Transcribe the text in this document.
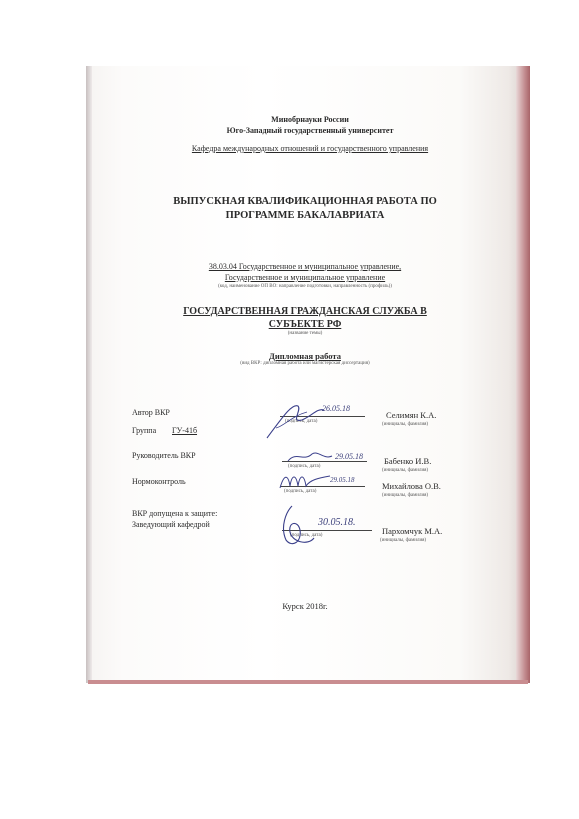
Минобрнауки России
Юго-Западный государственный университет
Кафедра международных отношений и государственного управления
ВЫПУСКНАЯ КВАЛИФИКАЦИОННАЯ РАБОТА ПО
ПРОГРАММЕ БАКАЛАВРИАТА
38.03.04 Государственное и муниципальное управление,
Государственное и муниципальное управление
(код, наименование ОП ВО: направление подготовки, направленность (профиль))
ГОСУДАРСТВЕННАЯ ГРАЖДАНСКАЯ СЛУЖБА В
СУБЪЕКТЕ РФ
(название темы)
Дипломная работа
(вид ВКР: дипломная работа или магистерская диссертация)
Автор ВКР
(подпись, дата)
26.05.18
Селимян К.А.
(инициалы, фамилия)
Группа ГУ-41б
Руководитель ВКР
(подпись, дата)
29.05.18 Бабенко И.В.
(инициалы, фамилия)
Нормоконтроль
(подпись, дата)
29.05.18
Михайлова О.В.
(инициалы, фамилия)
ВКР допущена к защите:
Заведующий кафедрой
(подпись, дата)
30.05.18.
Пархомчук М.А.
(инициалы, фамилия)
Курск 2018г.
